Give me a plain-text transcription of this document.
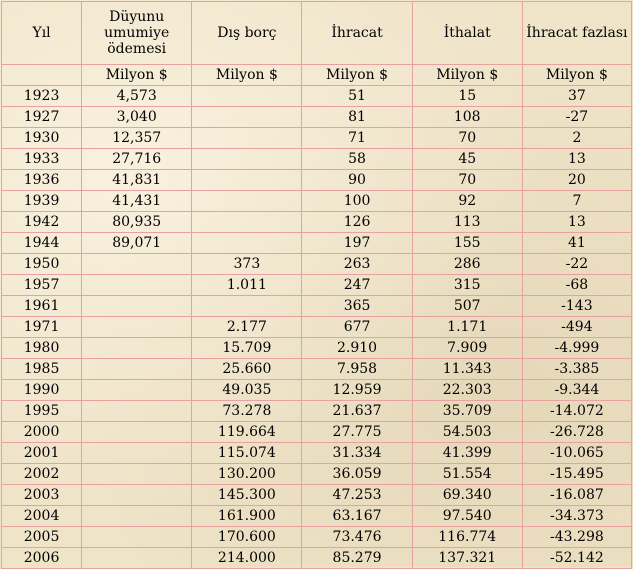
Yıl	Düyunu
umumiye
ödemesi	Dış borç	İhracat	İthalat	İhracat fazlası

	Milyon $	Milyon $	Milyon $	Milyon $	Milyon $
1923	4,573		51	15	37
1927	3,040		81	108	-27
1930	12,357		71	70	2
1933	27,716		58	45	13
1936	41,831		90	70	20
1939	41,431		100	92	7
1942	80,935		126	113	13
1944	89,071		197	155	41
1950		373	263	286	-22
1957		1.011	247	315	-68
1961			365	507	-143
1971		2.177	677	1.171	-494
1980		15.709	2.910	7.909	-4.999
1985		25.660	7.958	11.343	-3.385
1990		49.035	12.959	22.303	-9.344
1995		73.278	21.637	35.709	-14.072
2000		119.664	27.775	54.503	-26.728
2001		115.074	31.334	41.399	-10.065
2002		130.200	36.059	51.554	-15.495
2003		145.300	47.253	69.340	-16.087
2004		161.900	63.167	97.540	-34.373
2005		170.600	73.476	116.774	-43.298
2006		214.000	85.279	137.321	-52.142
